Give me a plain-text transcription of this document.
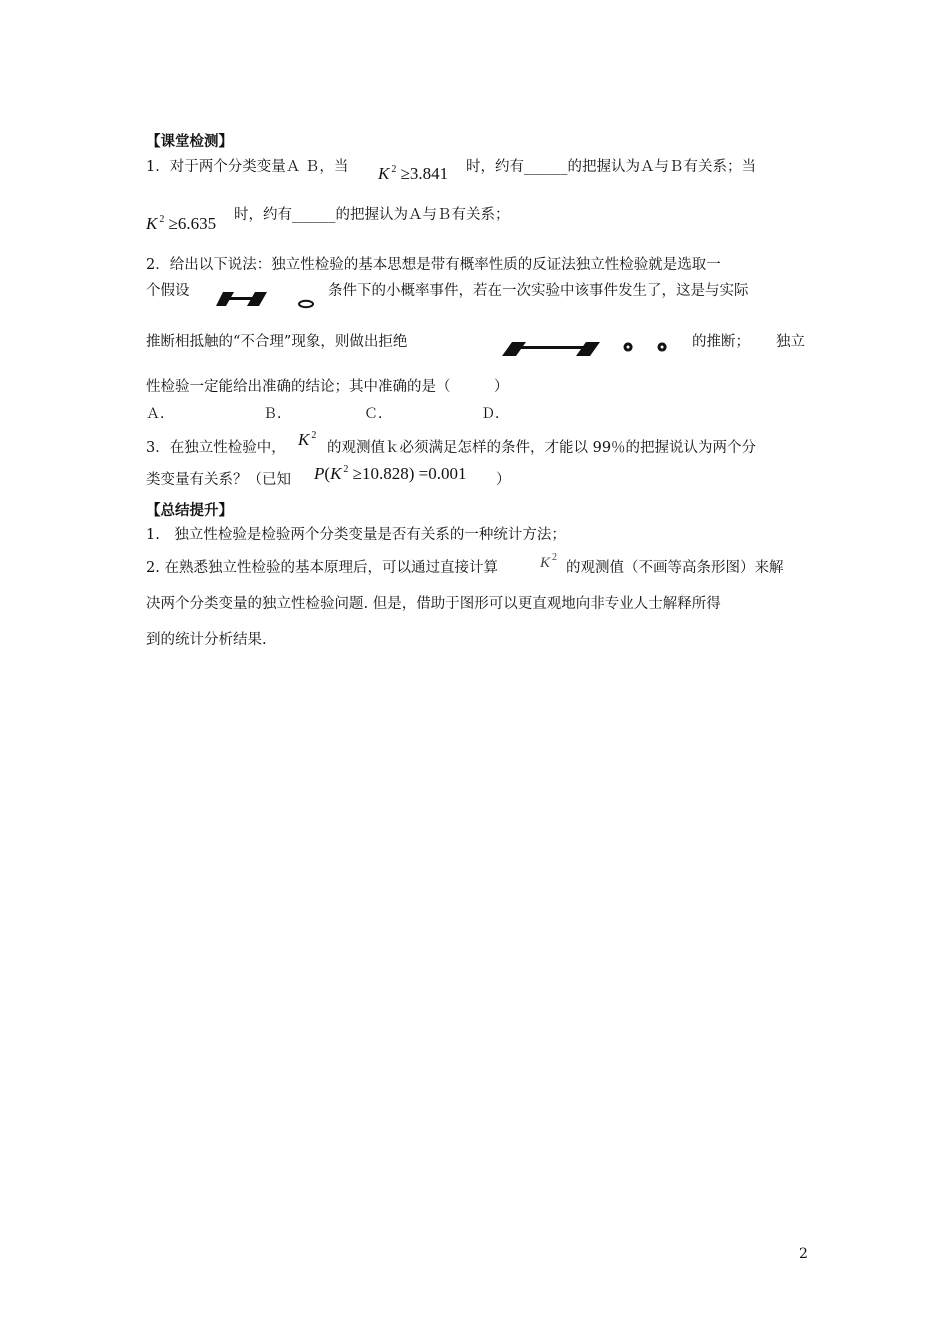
【课堂检测】
1．对于两个分类变量Ａ Ｂ，当 K $^2$ ≥3.841 时，约有______的把握认为Ａ与Ｂ有关系；当
K $^2$ ≥6.635 时，约有______的把握认为Ａ与Ｂ有关系；
2．给出以下说法：独立性检验的基本思想是带有概率性质的反证法独立性检验就是选取一
个假设	条件下的小概率事件，若在一次实验中该事件发生了，这是与实际
推断相抵触的“不合理”现象，则做出拒绝	的推断； 独立
性检验一定能给出准确的结论；其中准确的是（　　　）
Ａ．	Ｂ．	Ｃ．	Ｄ．
3．在独立性检验中， K $^2$
的观测值ｋ必须满足怎样的条件，才能以 99％的把握说认为两个分
类变量有关系？（已知 P(K $^2$ ≥10.828) =0.001 ）
【总结提升】
1.　独立性检验是检验两个分类变量是否有关系的一种统计方法；
2. 在熟悉独立性检验的基本原理后，可以通过直接计算	K $^2$
的观测值（不画等高条形图）来解
决两个分类变量的独立性检验问题. 但是，借助于图形可以更直观地向非专业人士解释所得
到的统计分析结果.
2
